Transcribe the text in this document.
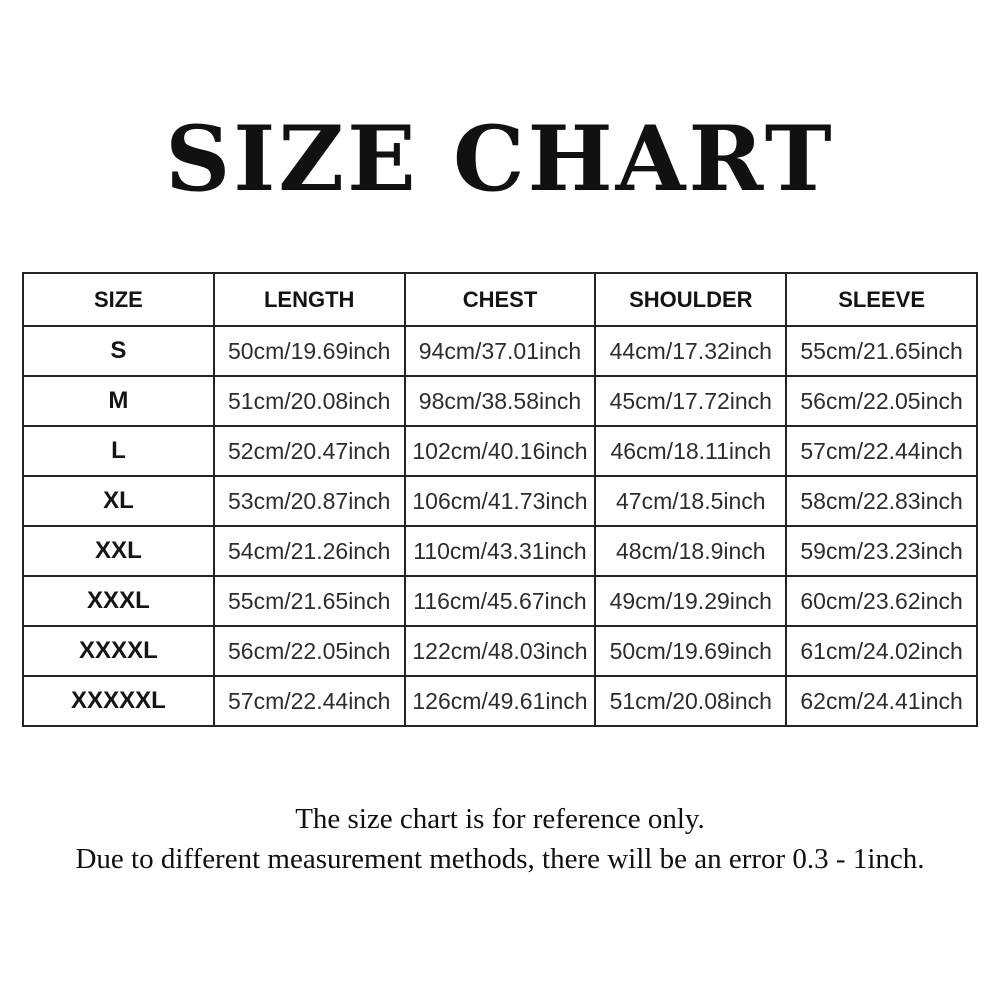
SIZE CHART
SIZE	LENGTH	CHEST	SHOULDER	SLEEVE
S	50cm/19.69inch	94cm/37.01inch	44cm/17.32inch	55cm/21.65inch
M	51cm/20.08inch	98cm/38.58inch	45cm/17.72inch	56cm/22.05inch
L	52cm/20.47inch	102cm/40.16inch	46cm/18.11inch	57cm/22.44inch
XL	53cm/20.87inch	106cm/41.73inch	47cm/18.5inch	58cm/22.83inch
XXL	54cm/21.26inch	110cm/43.31inch	48cm/18.9inch	59cm/23.23inch
XXXL	55cm/21.65inch	116cm/45.67inch	49cm/19.29inch	60cm/23.62inch
XXXXL	56cm/22.05inch	122cm/48.03inch	50cm/19.69inch	61cm/24.02inch
XXXXXL	57cm/22.44inch	126cm/49.61inch	51cm/20.08inch	62cm/24.41inch
The size chart is for reference only.
Due to different measurement methods, there will be an error 0.3 - 1inch.
